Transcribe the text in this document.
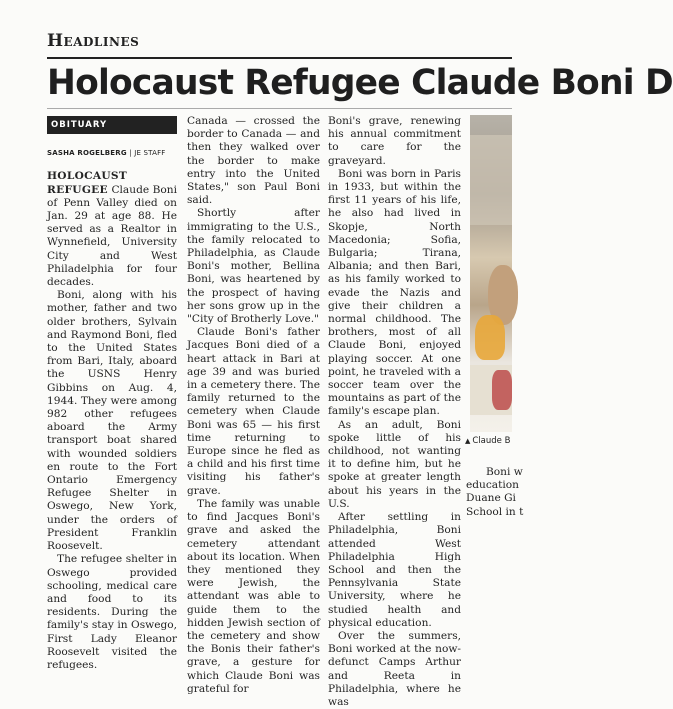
Headlines
Holocaust Refugee Claude Boni D
OBITUARY
SASHA ROGELBERG | JE STAFF

HOLOCAUST REFUGEE Claude Boni of Penn Valley died on Jan. 29 at age 88. He served as a Realtor in Wynnefield, University City and West Philadelphia for four decades.

Boni, along with his mother, father and two older brothers, Sylvain and Raymond Boni, fled to the United States from Bari, Italy, aboard the USNS Henry Gibbins on Aug. 4, 1944. They were among 982 other refugees aboard the Army transport boat shared with wounded soldiers en route to the Fort Ontario Emergency Refugee Shelter in Oswego, New York, under the orders of President Franklin Roosevelt.

The refugee shelter in Oswego provided schooling, medical care and food to its residents. During the family's stay in Oswego, First Lady Eleanor Roosevelt visited the refugees.

Canada — crossed the border to Canada — and then they walked over the border to make entry into the United States," son Paul Boni said.

Shortly after immigrating to the U.S., the family relocated to Philadelphia, as Claude Boni's mother, Bellina Boni, was heartened by the prospect of having her sons grow up in the "City of Brotherly Love."

Claude Boni's father Jacques Boni died of a heart attack in Bari at age 39 and was buried in a cemetery there. The family returned to the cemetery when Claude Boni was 65 — his first time returning to Europe since he fled as a child and his first time visiting his father's grave.

The family was unable to find Jacques Boni's grave and asked the cemetery attendant about its location. When they mentioned they were Jewish, the attendant was able to guide them to the hidden Jewish section of the cemetery and show the Bonis their father's grave, a gesture for which Claude Boni was grateful for

Boni's grave, renewing his annual commitment to care for the graveyard.

Boni was born in Paris in 1933, but within the first 11 years of his life, he also had lived in Skopje, North Macedonia; Sofia, Bulgaria; Tirana, Albania; and then Bari, as his family worked to evade the Nazis and give their children a normal childhood. The brothers, most of all Claude Boni, enjoyed playing soccer. At one point, he traveled with a soccer team over the mountains as part of the family's escape plan.

As an adult, Boni spoke little of his childhood, not wanting it to define him, but he spoke at greater length about his years in the U.S.

After settling in Philadelphia, Boni attended West Philadelphia High School and then the Pennsylvania State University, where he studied health and physical education.

Over the summers, Boni worked at the now-defunct Camps Arthur and Reeta in Philadelphia, where he was

▲ Claude B
Boni w
education
Duane Gi
School in t
